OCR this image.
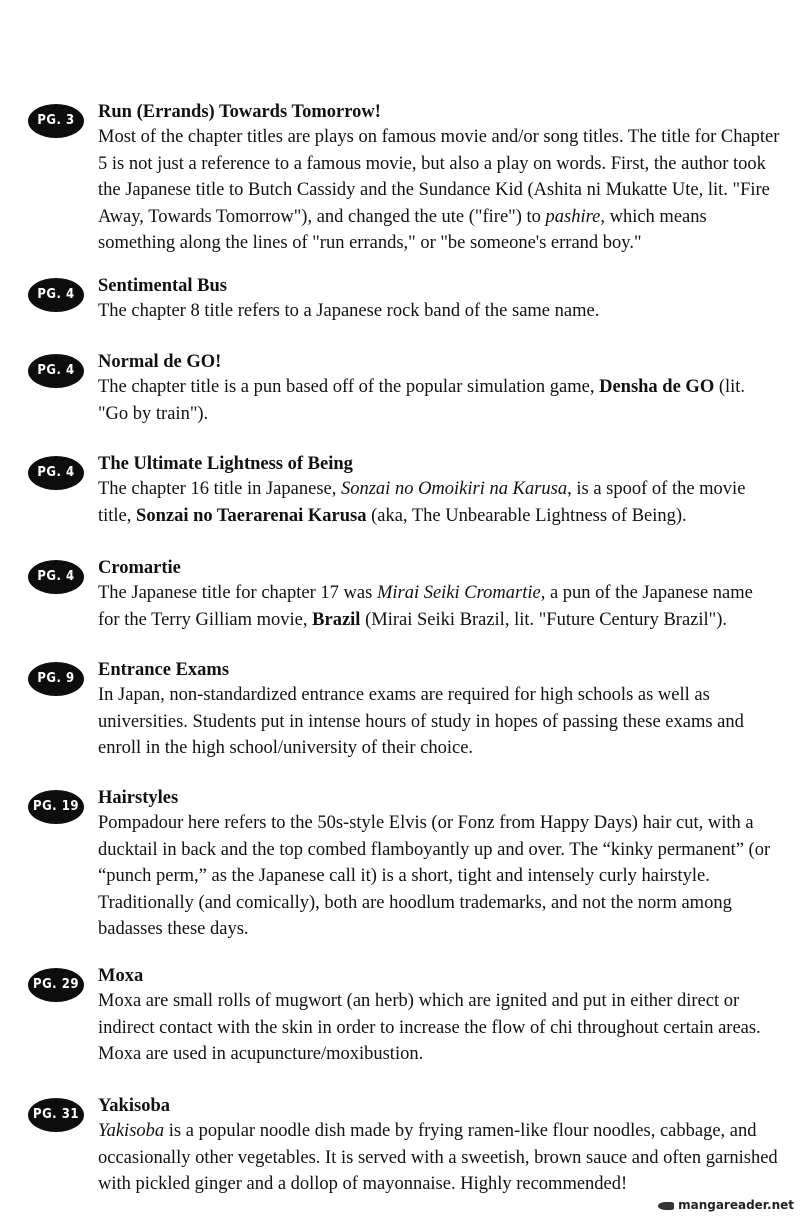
PG. 3	Run (Errands) Towards Tomorrow!
Most of the chapter titles are plays on famous movie and/or song titles. The title for Chapter
5 is not just a reference to a famous movie, but also a play on words. First, the author took
the Japanese title to Butch Cassidy and the Sundance Kid (Ashita ni Mukatte Ute, lit. "Fire
Away, Towards Tomorrow"), and changed the ute ("fire") to pashire, which means
something along the lines of "run errands," or "be someone's errand boy."
PG. 4	Sentimental Bus
The chapter 8 title refers to a Japanese rock band of the same name.
PG. 4	Normal de GO!
The chapter title is a pun based off of the popular simulation game, Densha de GO (lit.
"Go by train").
PG. 4	The Ultimate Lightness of Being
The chapter 16 title in Japanese, Sonzai no Omoikiri na Karusa, is a spoof of the movie
title, Sonzai no Taerarenai Karusa (aka, The Unbearable Lightness of Being).
PG. 4	Cromartie
The Japanese title for chapter 17 was Mirai Seiki Cromartie, a pun of the Japanese name
for the Terry Gilliam movie, Brazil (Mirai Seiki Brazil, lit. "Future Century Brazil").
PG. 9	Entrance Exams
In Japan, non-standardized entrance exams are required for high schools as well as
universities. Students put in intense hours of study in hopes of passing these exams and
enroll in the high school/university of their choice.
PG. 19 Hairstyles
Pompadour here refers to the 50s-style Elvis (or Fonz from Happy Days) hair cut, with a
ducktail in back and the top combed flamboyantly up and over. The “kinky permanent” (or
“punch perm,” as the Japanese call it) is a short, tight and intensely curly hairstyle.
Traditionally (and comically), both are hoodlum trademarks, and not the norm among
badasses these days.
PG. 29 Moxa
Moxa are small rolls of mugwort (an herb) which are ignited and put in either direct or
indirect contact with the skin in order to increase the flow of chi throughout certain areas.
Moxa are used in acupuncture/moxibustion.
PG. 31 Yakisoba
Yakisoba is a popular noodle dish made by frying ramen-like flour noodles, cabbage, and
occasionally other vegetables. It is served with a sweetish, brown sauce and often garnished
with pickled ginger and a dollop of mayonnaise. Highly recommended!
mangareader.net
